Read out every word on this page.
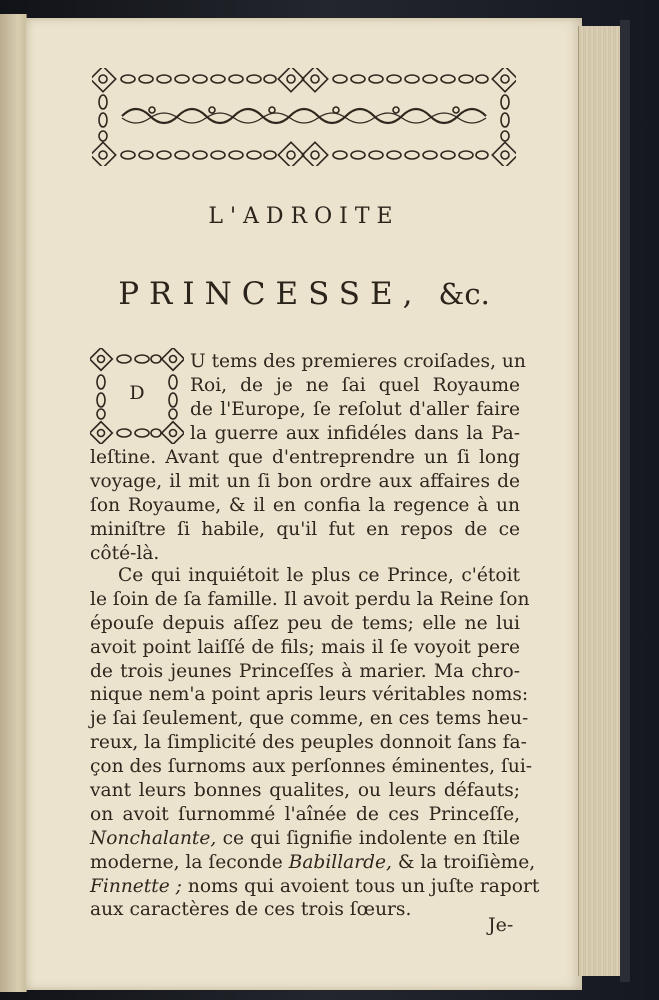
L'ADROITE
PRINCESSE, &c.
D
U tems des premieres croiſades, un
Roi, de je ne ſai quel Royaume
de l'Europe, ſe reſolut d'aller faire
la guerre aux infidéles dans la Pa-
leſtine. Avant que d'entreprendre un ſi long
voyage, il mit un ſi bon ordre aux affaires de
ſon Royaume, & il en confia la regence à un
miniſtre ſi habile, qu'il fut en repos de ce
côté-là.
Ce qui inquiétoit le plus ce Prince, c'étoit
le ſoin de ſa famille. Il avoit perdu la Reine ſon
épouſe depuis aſſez peu de tems; elle ne lui
avoit point laiſſé de fils; mais il ſe voyoit pere
de trois jeunes Princeſſes à marier. Ma chro-
nique nem'a point apris leurs véritables noms:
je ſai ſeulement, que comme, en ces tems heu-
reux, la ſimplicité des peuples donnoit ſans fa-
çon des ſurnoms aux perſonnes éminentes, ſui-
vant leurs bonnes qualites, ou leurs défauts;
on avoit ſurnommé l'aînée de ces Princeſſe,
Nonchalante, ce qui ſignifie indolente en ſtile
moderne, la ſeconde Babillarde, & la troiſième,
Finnette ; noms qui avoient tous un juſte raport
aux caractères de ces trois ſœurs.
Je-
